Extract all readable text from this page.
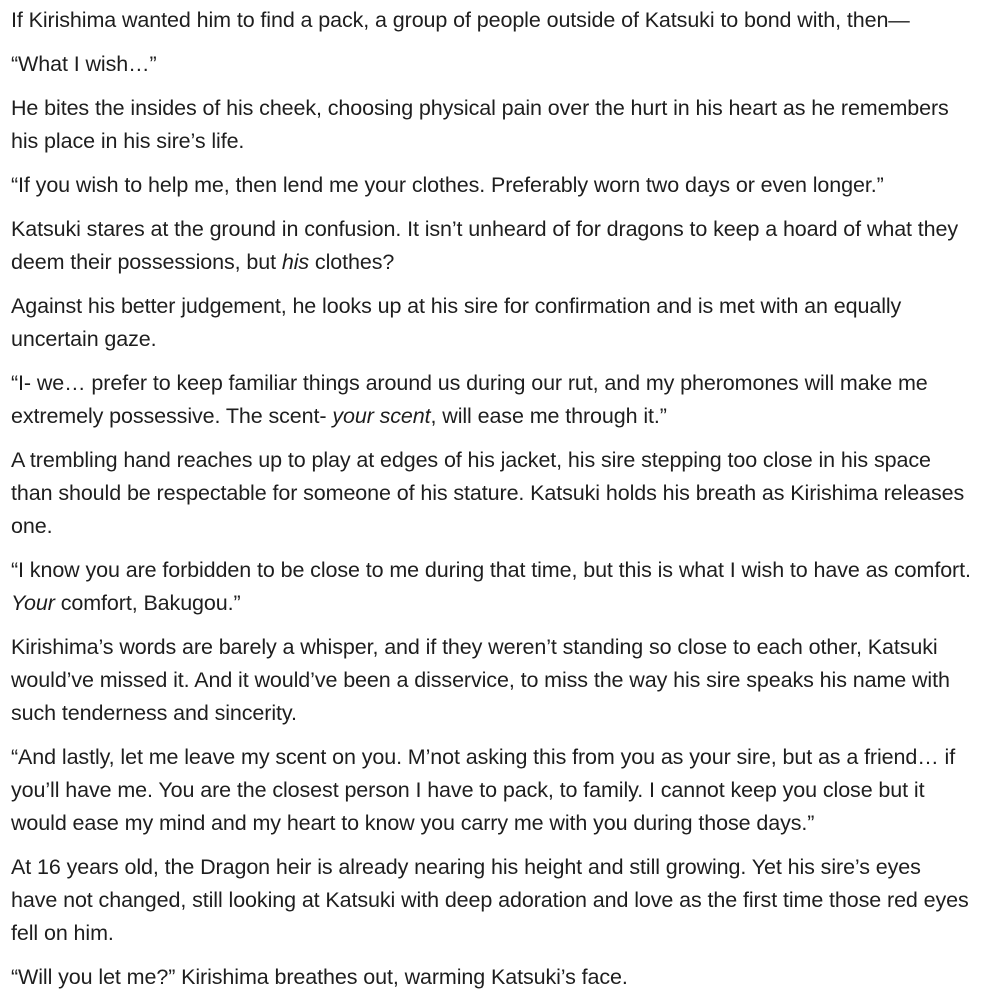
If Kirishima wanted him to find a pack, a group of people outside of Katsuki to bond with, then—

“What I wish…”

He bites the insides of his cheek, choosing physical pain over the hurt in his heart as he remembers his place in his sire’s life.

“If you wish to help me, then lend me your clothes. Preferably worn two days or even longer.”

Katsuki stares at the ground in confusion. It isn’t unheard of for dragons to keep a hoard of what they deem their possessions, but his clothes?

Against his better judgement, he looks up at his sire for confirmation and is met with an equally uncertain gaze.

“I- we… prefer to keep familiar things around us during our rut, and my pheromones will make me extremely possessive. The scent- your scent, will ease me through it.”

A trembling hand reaches up to play at edges of his jacket, his sire stepping too close in his space than should be respectable for someone of his stature. Katsuki holds his breath as Kirishima releases one.

“I know you are forbidden to be close to me during that time, but this is what I wish to have as comfort. Your comfort, Bakugou.”

Kirishima’s words are barely a whisper, and if they weren’t standing so close to each other, Katsuki would’ve missed it. And it would’ve been a disservice, to miss the way his sire speaks his name with such tenderness and sincerity.

“And lastly, let me leave my scent on you. M’not asking this from you as your sire, but as a friend… if you’ll have me. You are the closest person I have to pack, to family. I cannot keep you close but it would ease my mind and my heart to know you carry me with you during those days.”

At 16 years old, the Dragon heir is already nearing his height and still growing. Yet his sire’s eyes have not changed, still looking at Katsuki with deep adoration and love as the first time those red eyes fell on him.

“Will you let me?” Kirishima breathes out, warming Katsuki’s face.
